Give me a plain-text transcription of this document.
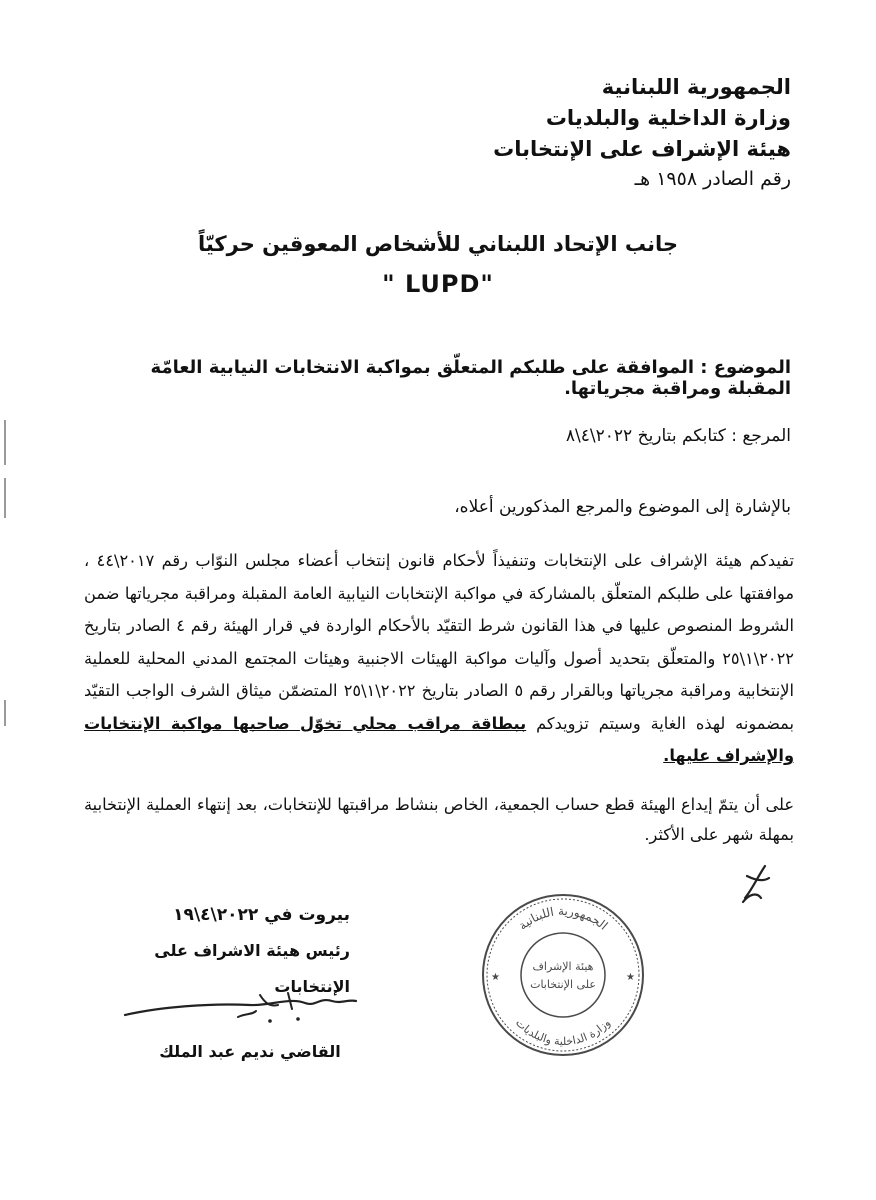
الجمهورية اللبنانية
وزارة الداخلية والبلديات
هيئة الإشراف على الإنتخابات
رقم الصادر ١٩٥٨ هـ
جانب الإتحاد اللبناني للأشخاص المعوقين حركيّاً
" LUPD"
الموضوع : الموافقة على طلبكم المتعلّق بمواكبة الانتخابات النيابية العامّة المقبلة ومراقبة مجرياتها.
المرجع : كتابكم بتاريخ ٢٠٢٢\٤\٨
بالإشارة إلى الموضوع والمرجع المذكورين أعلاه،
تفيدكم هيئة الإشراف على الإنتخابات وتنفيذاً لأحكام قانون إنتخاب أعضاء مجلس النوّاب رقم ٢٠١٧\٤٤ ، موافقتها على طلبكم المتعلّق بالمشاركة في مواكبة الإنتخابات النيابية العامة المقبلة ومراقبة مجرياتها ضمن الشروط المنصوص عليها في هذا القانون شرط التقيّد بالأحكام الواردة في قرار الهيئة رقم ٤ الصادر بتاريخ ٢٠٢٢\١\٢٥ والمتعلّق بتحديد أصول وآليات مواكبة الهيئات الاجنبية وهيئات المجتمع المدني المحلية للعملية الإنتخابية ومراقبة مجرياتها وبالقرار رقم ٥ الصادر بتاريخ ٢٠٢٢\١\٢٥ المتضمّن ميثاق الشرف الواجب التقيّد بمضمونه لهذه الغاية وسيتم تزويدكم ببطاقة مراقب محلي تخوّل صاحبها مواكبة الإنتخابات والإشراف عليها.
على أن يتمّ إيداع الهيئة قطع حساب الجمعية، الخاص بنشاط مراقبتها للإنتخابات، بعد إنتهاء العملية الإنتخابية بمهلة شهر على الأكثر.
بيروت في ٢٠٢٢\٤\١٩
رئيس هيئة الاشراف على الإنتخابات
القاضي نديم عبد الملك
الجمهورية اللبنانية
وزارة الداخلية والبلديات
هيئة الإشراف
على الإنتخابات
★	★
